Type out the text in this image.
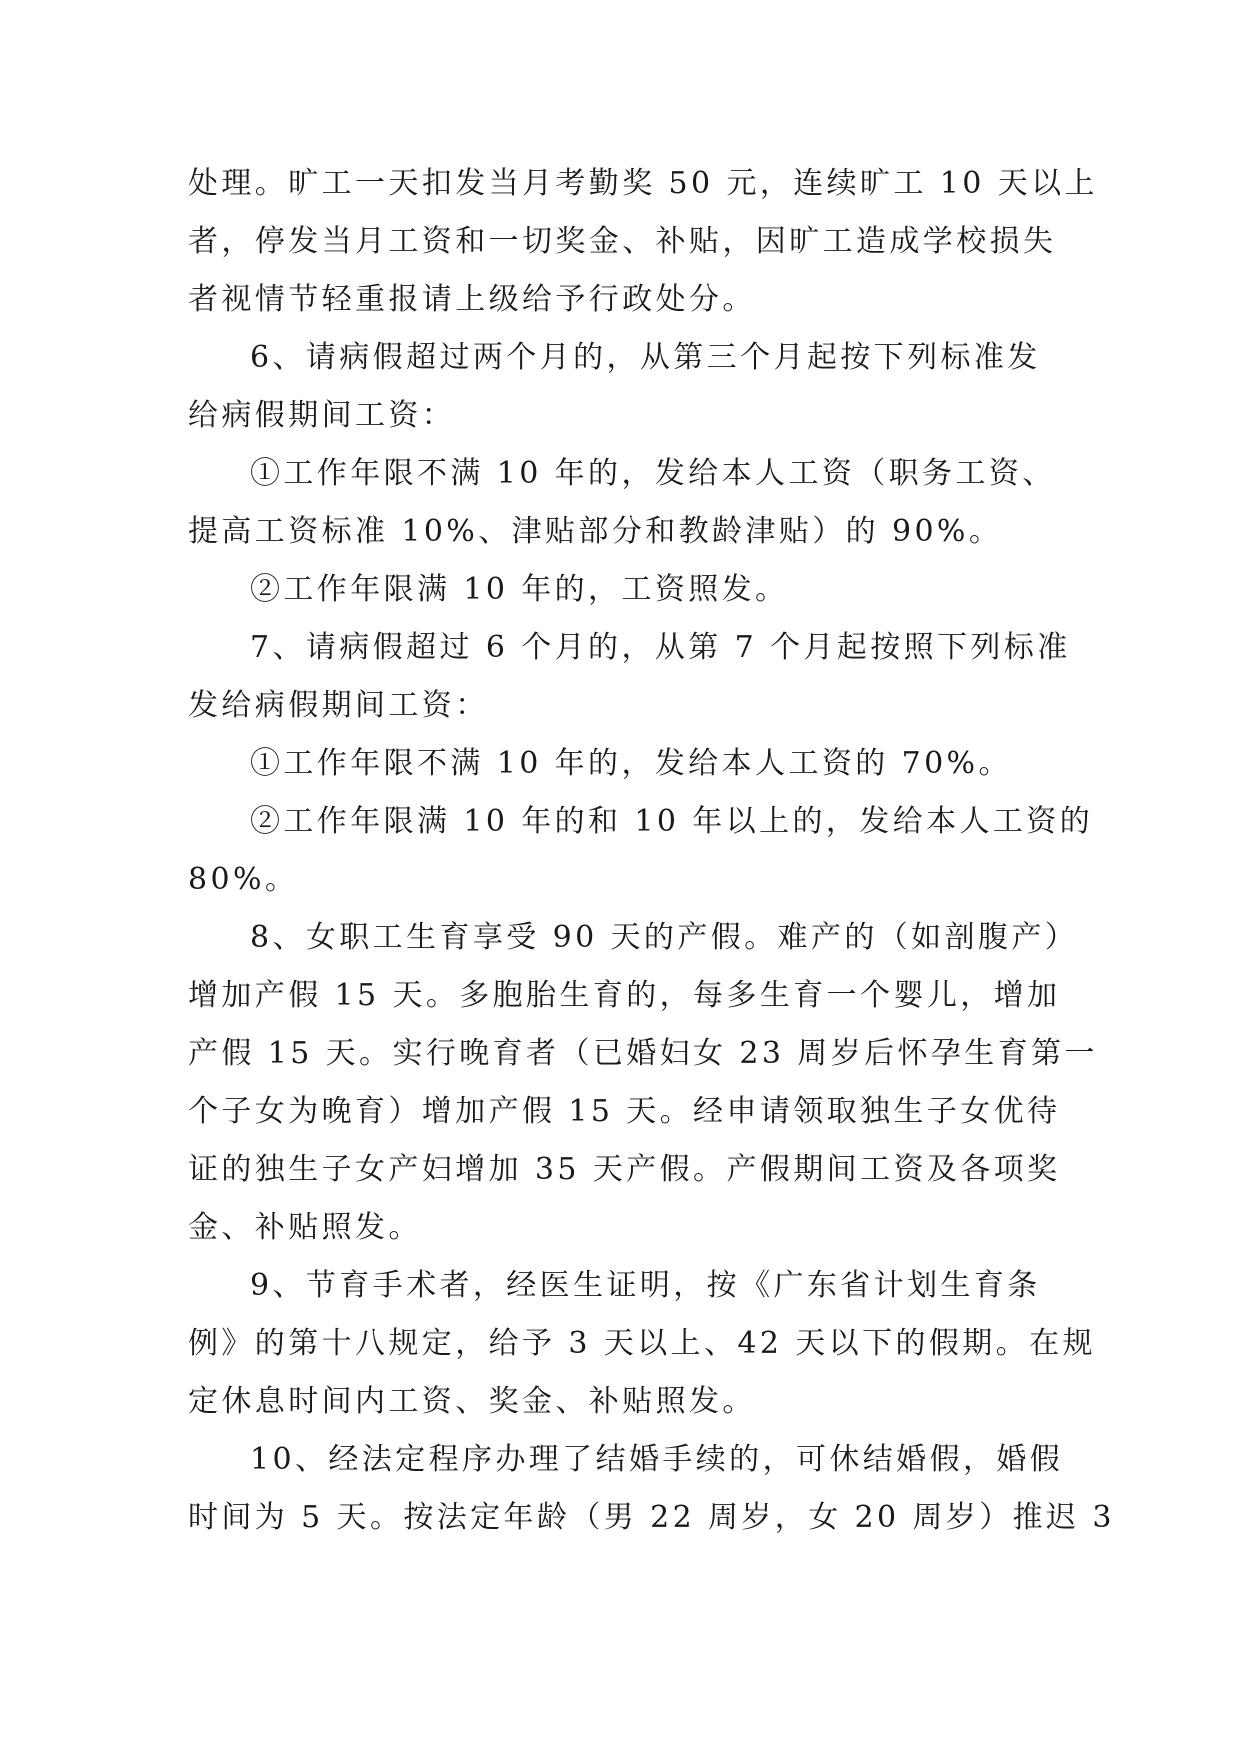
处理。旷工一天扣发当月考勤奖 50 元，连续旷工 10 天以上
者，停发当月工资和一切奖金、补贴，因旷工造成学校损失
者视情节轻重报请上级给予行政处分。
6、请病假超过两个月的，从第三个月起按下列标准发
给病假期间工资：
①工作年限不满 10 年的，发给本人工资（职务工资、
提高工资标准 10%、津贴部分和教龄津贴）的 90%。
②工作年限满 10 年的，工资照发。
7、请病假超过 6 个月的，从第 7 个月起按照下列标准
发给病假期间工资：
①工作年限不满 10 年的，发给本人工资的 70%。
②工作年限满 10 年的和 10 年以上的，发给本人工资的
80%。
8、女职工生育享受 90 天的产假。难产的（如剖腹产）
增加产假 15 天。多胞胎生育的，每多生育一个婴儿，增加
产假 15 天。实行晚育者（已婚妇女 23 周岁后怀孕生育第一
个子女为晚育）增加产假 15 天。经申请领取独生子女优待
证的独生子女产妇增加 35 天产假。产假期间工资及各项奖
金、补贴照发。
9、节育手术者，经医生证明，按《广东省计划生育条
例》的第十八规定，给予 3 天以上、42 天以下的假期。在规
定休息时间内工资、奖金、补贴照发。
10、经法定程序办理了结婚手续的，可休结婚假，婚假
时间为 5 天。按法定年龄（男 22 周岁，女 20 周岁）推迟 3
